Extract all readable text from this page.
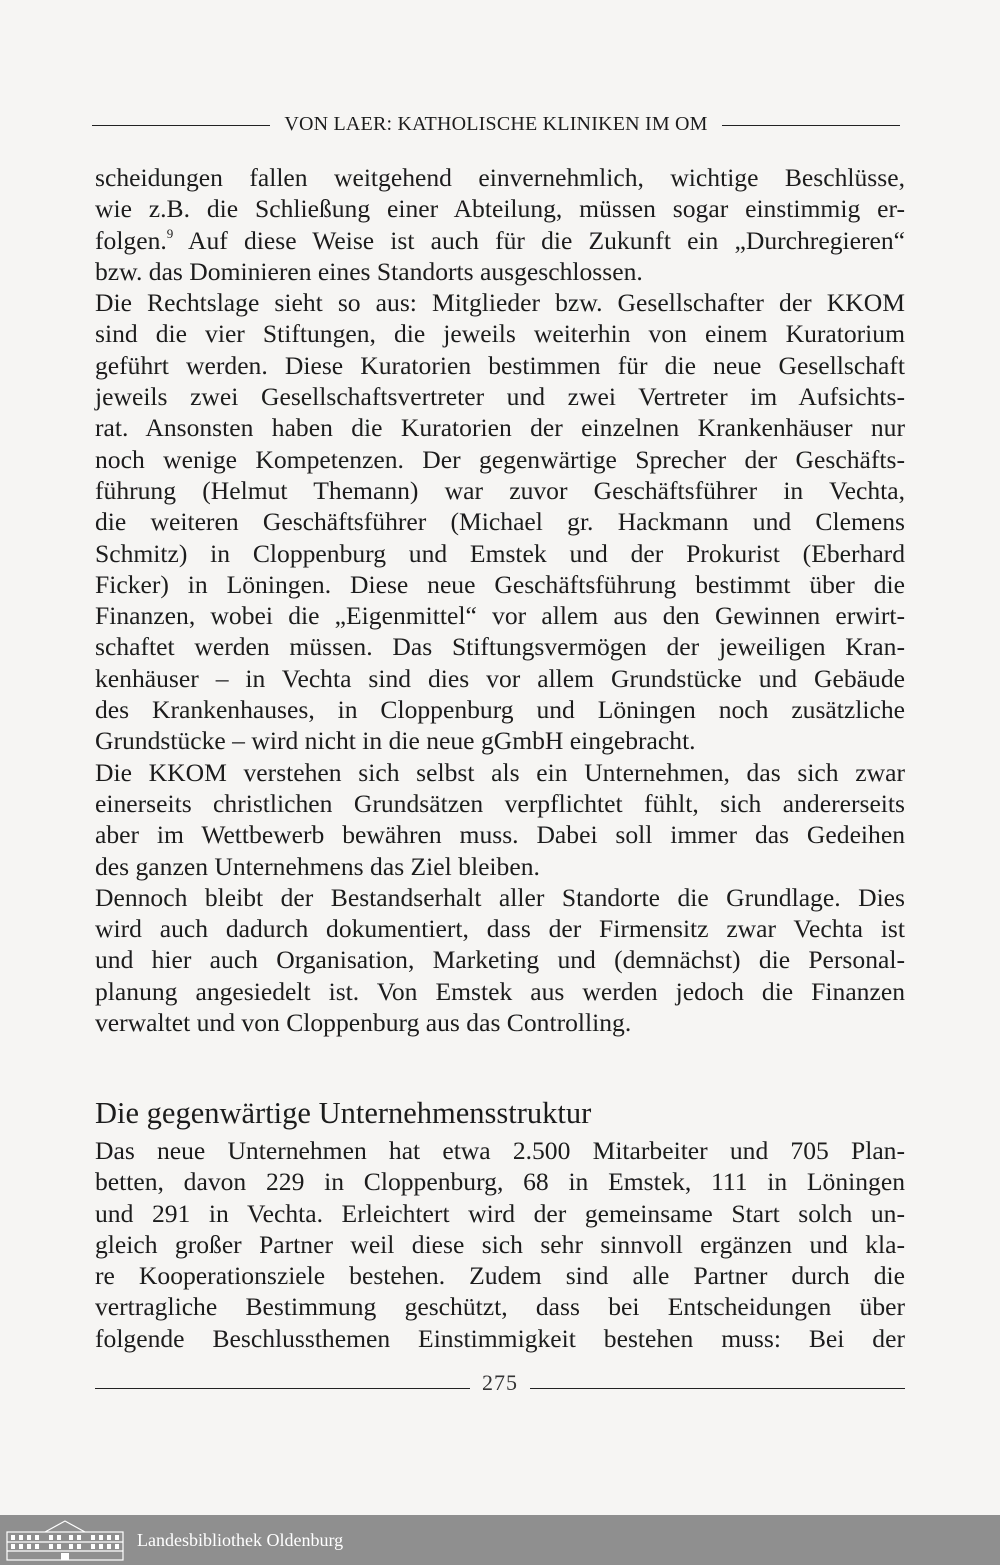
VON LAER: KATHOLISCHE KLINIKEN IM OM
scheidungen fallen weitgehend einvernehmlich, wichtige Beschlüsse,
wie z.B. die Schließung einer Abteilung, müssen sogar einstimmig er-
folgen.$^9$ Auf diese Weise ist auch für die Zukunft ein „Durchregieren“
bzw. das Dominieren eines Standorts ausgeschlossen.
Die Rechtslage sieht so aus: Mitglieder bzw. Gesellschafter der KKOM
sind die vier Stiftungen, die jeweils weiterhin von einem Kuratorium
geführt werden. Diese Kuratorien bestimmen für die neue Gesellschaft
jeweils zwei Gesellschaftsvertreter und zwei Vertreter im Aufsichts-
rat. Ansonsten haben die Kuratorien der einzelnen Krankenhäuser nur
noch wenige Kompetenzen. Der gegenwärtige Sprecher der Geschäfts-
führung (Helmut Themann) war zuvor Geschäftsführer in Vechta,
die weiteren Geschäftsführer (Michael gr. Hackmann und Clemens
Schmitz) in Cloppenburg und Emstek und der Prokurist (Eberhard
Ficker) in Löningen. Diese neue Geschäftsführung bestimmt über die
Finanzen, wobei die „Eigenmittel“ vor allem aus den Gewinnen erwirt-
schaftet werden müssen. Das Stiftungsvermögen der jeweiligen Kran-
kenhäuser – in Vechta sind dies vor allem Grundstücke und Gebäude
des Krankenhauses, in Cloppenburg und Löningen noch zusätzliche
Grundstücke – wird nicht in die neue gGmbH eingebracht.
Die KKOM verstehen sich selbst als ein Unternehmen, das sich zwar
einerseits christlichen Grundsätzen verpflichtet fühlt, sich andererseits
aber im Wettbewerb bewähren muss. Dabei soll immer das Gedeihen
des ganzen Unternehmens das Ziel bleiben.
Dennoch bleibt der Bestandserhalt aller Standorte die Grundlage. Dies
wird auch dadurch dokumentiert, dass der Firmensitz zwar Vechta ist
und hier auch Organisation, Marketing und (demnächst) die Personal-
planung angesiedelt ist. Von Emstek aus werden jedoch die Finanzen
verwaltet und von Cloppenburg aus das Controlling.
Die gegenwärtige Unternehmensstruktur
Das neue Unternehmen hat etwa 2.500 Mitarbeiter und 705 Plan-
betten, davon 229 in Cloppenburg, 68 in Emstek, 111 in Löningen
und 291 in Vechta. Erleichtert wird der gemeinsame Start solch un-
gleich großer Partner weil diese sich sehr sinnvoll ergänzen und kla-
re Kooperationsziele bestehen. Zudem sind alle Partner durch die
vertragliche Bestimmung geschützt, dass bei Entscheidungen über
folgende Beschlussthemen Einstimmigkeit bestehen muss: Bei der
275
Landesbibliothek Oldenburg
